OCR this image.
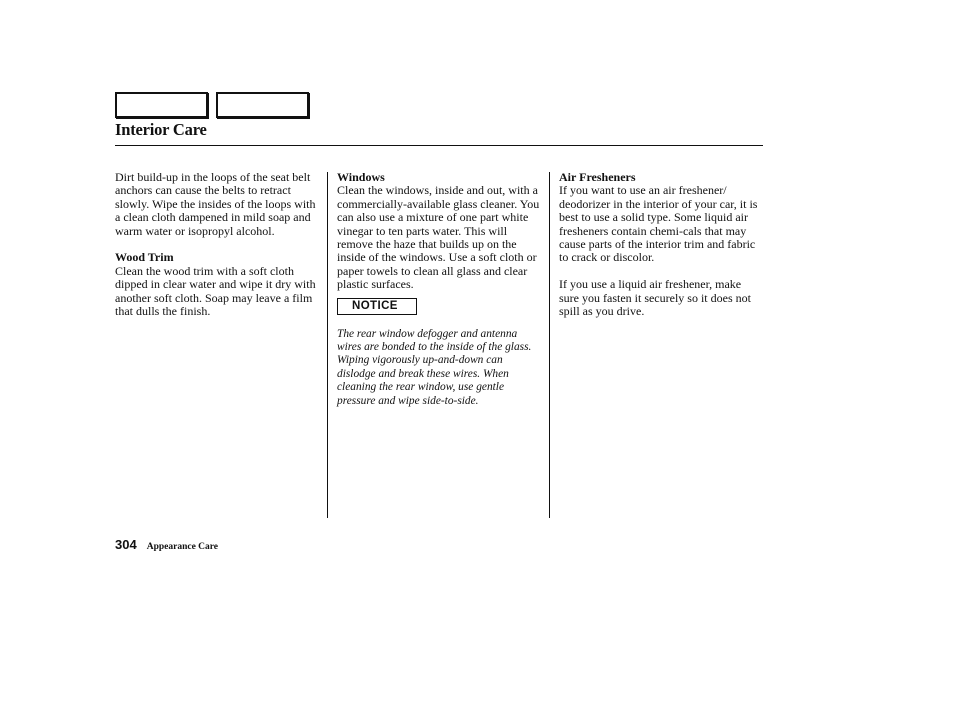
Interior Care

Dirt build-up in the loops of the seat belt anchors can cause the belts to retract slowly. Wipe the insides of the loops with a clean cloth dampened in mild soap and warm water or isopropyl alcohol.

Wood Trim

Clean the wood trim with a soft cloth dipped in clear water and wipe it dry with another soft cloth. Soap may leave a film that dulls the finish.

Windows

Clean the windows, inside and out, with a commercially-available glass cleaner. You can also use a mixture of one part white vinegar to ten parts water. This will remove the haze that builds up on the inside of the windows. Use a soft cloth or paper towels to clean all glass and clear plastic surfaces.

NOTICE

The rear window defogger and antenna wires are bonded to the inside of the glass. Wiping vigorously up-and-down can dislodge and break these wires. When cleaning the rear window, use gentle pressure and wipe side-to-side.

Air Fresheners

If you want to use an air freshener/ deodorizer in the interior of your car, it is best to use a solid type. Some liquid air fresheners contain chemi-cals that may cause parts of the interior trim and fabric to crack or discolor.

If you use a liquid air freshener, make sure you fasten it securely so it does not spill as you drive.

304 Appearance Care
